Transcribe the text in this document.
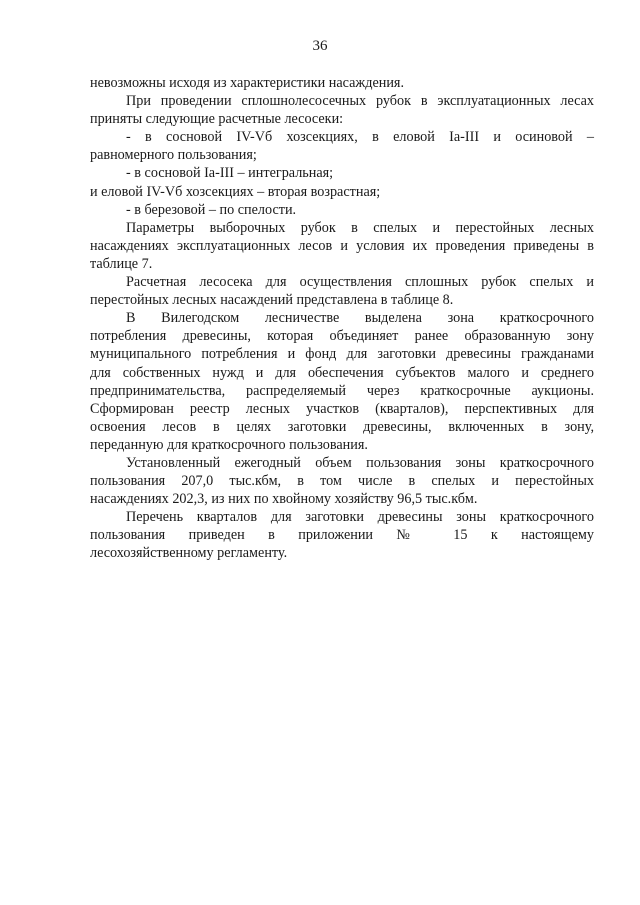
36
невозможны исходя из характеристики насаждения.
При проведении сплошнолесосечных рубок в эксплуатационных лесах
приняты следующие расчетные лесосеки:
- в сосновой IV-Vб хозсекциях, в еловой Ia-III и осиновой –
равномерного пользования;
- в сосновой Ia-III – интегральная;
и еловой IV-Vб хозсекциях – вторая возрастная;
- в березовой – по спелости.
Параметры выборочных рубок в спелых и перестойных лесных
насаждениях эксплуатационных лесов и условия их проведения приведены в
таблице 7.
Расчетная лесосека для осуществления сплошных рубок спелых и
перестойных лесных насаждений представлена в таблице 8.
В Вилегодском лесничестве выделена зона краткосрочного
потребления древесины, которая объединяет ранее образованную зону
муниципального потребления и фонд для заготовки древесины гражданами
для собственных нужд и для обеспечения субъектов малого и среднего
предпринимательства, распределяемый через краткосрочные аукционы.
Сформирован реестр лесных участков (кварталов), перспективных для
освоения лесов в целях заготовки древесины, включенных в зону,
переданную для краткосрочного пользования.
Установленный ежегодный объем пользования зоны краткосрочного
пользования 207,0 тыс.кбм, в том числе в спелых и перестойных
насаждениях 202,3, из них по хвойному хозяйству 96,5 тыс.кбм.
Перечень кварталов для заготовки древесины зоны краткосрочного
пользования приведен в приложении № 15 к настоящему
лесохозяйственному регламенту.
